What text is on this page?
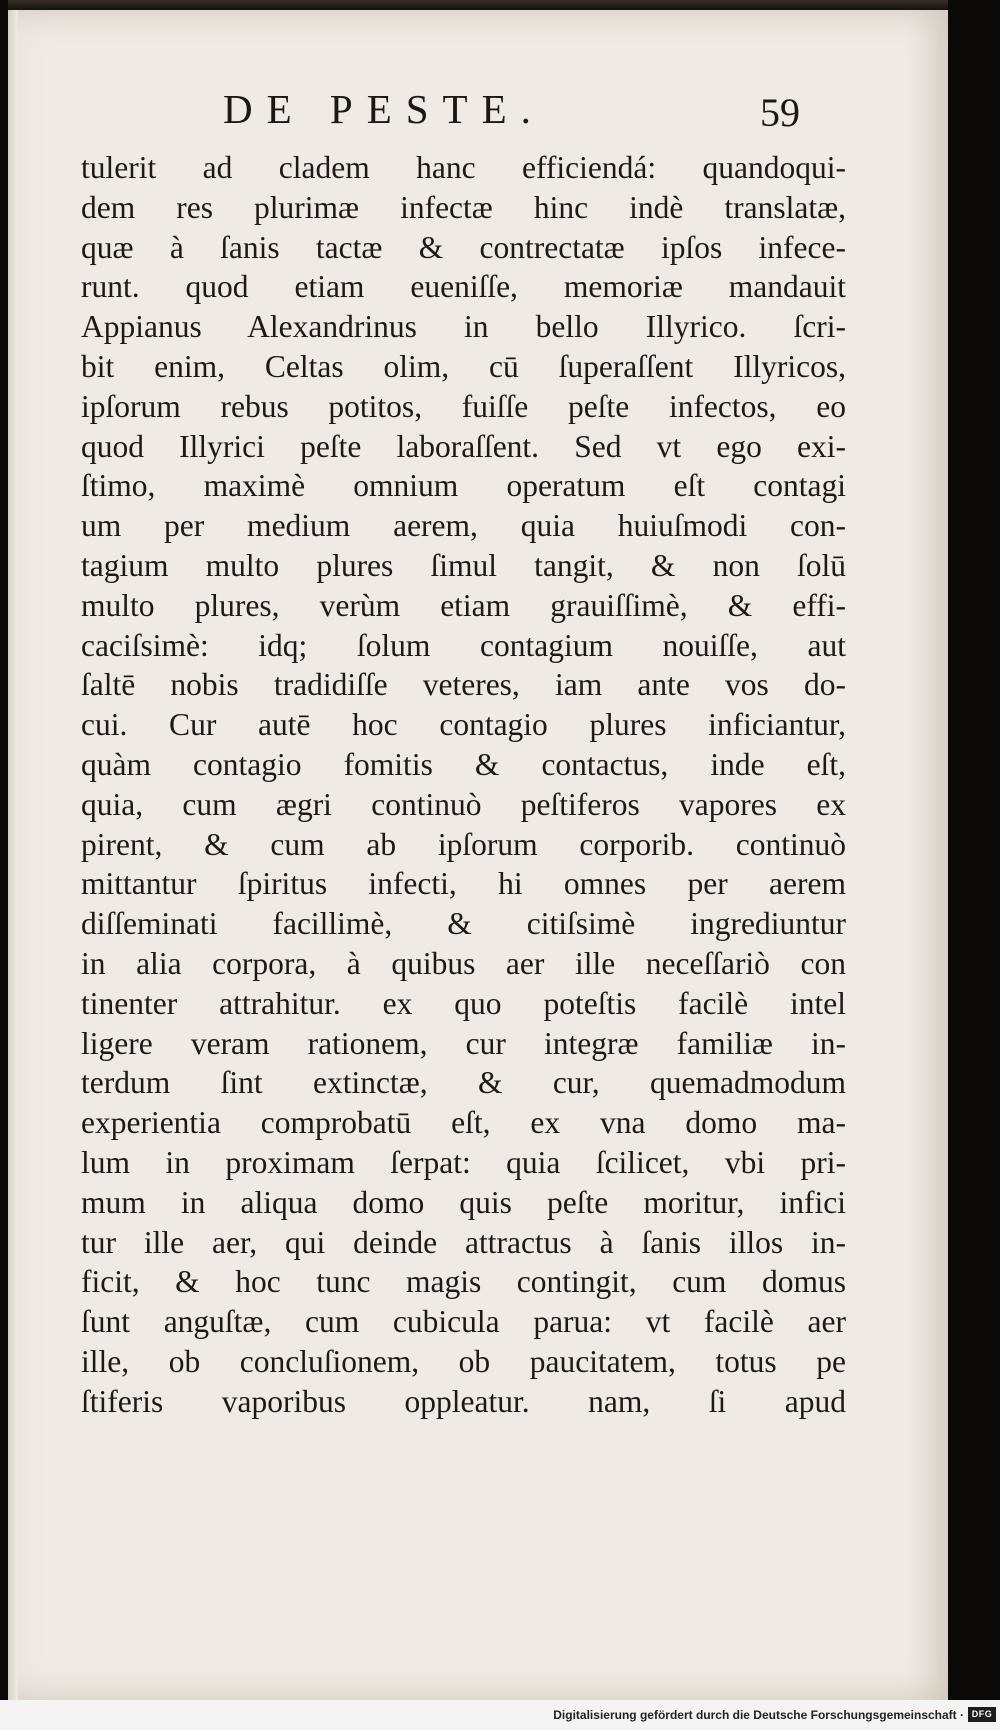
DE PESTE.	59
tulerit ad cladem hanc efficiendá: quandoqui-
dem res plurimæ infectæ hinc indè translatæ,
quæ à ſanis tactæ & contrectatæ ipſos infece-
runt. quod etiam eueniſſe, memoriæ mandauit
Appianus Alexandrinus in bello Illyrico. ſcri-
bit enim, Celtas olim, cū ſuperaſſent Illyricos,
ipſorum rebus potitos, fuiſſe peſte infectos, eo
quod Illyrici peſte laboraſſent. Sed vt ego exi-
ſtimo, maximè omnium operatum eſt contagi
um per medium aerem, quia huiuſmodi con-
tagium multo plures ſimul tangit, & non ſolū
multo plures, verùm etiam grauiſſimè, & effi-
caciſsimè: idq; ſolum contagium nouiſſe, aut
ſaltē nobis tradidiſſe veteres, iam ante vos do-
cui. Cur autē hoc contagio plures inficiantur,
quàm contagio fomitis & contactus, inde eſt,
quia, cum ægri continuò peſtiferos vapores ex
pirent, & cum ab ipſorum corporib. continuò
mittantur ſpiritus infecti, hi omnes per aerem
diſſeminati facillimè, & citiſsimè ingrediuntur
in alia corpora, à quibus aer ille neceſſariò con
tinenter attrahitur. ex quo poteſtis facilè intel
ligere veram rationem, cur integræ familiæ in-
terdum ſint extinctæ, & cur, quemadmodum
experientia comprobatū eſt, ex vna domo ma-
lum in proximam ſerpat: quia ſcilicet, vbi pri-
mum in aliqua domo quis peſte moritur, infici
tur ille aer, qui deinde attractus à ſanis illos in-
ficit, & hoc tunc magis contingit, cum domus
ſunt anguſtæ, cum cubicula parua: vt facilè aer
ille, ob concluſionem, ob paucitatem, totus pe
ſtiferis vaporibus oppleatur. nam, ſi apud
Digitalisierung gefördert durch die Deutsche Forschungsgemeinschaft · DFG
